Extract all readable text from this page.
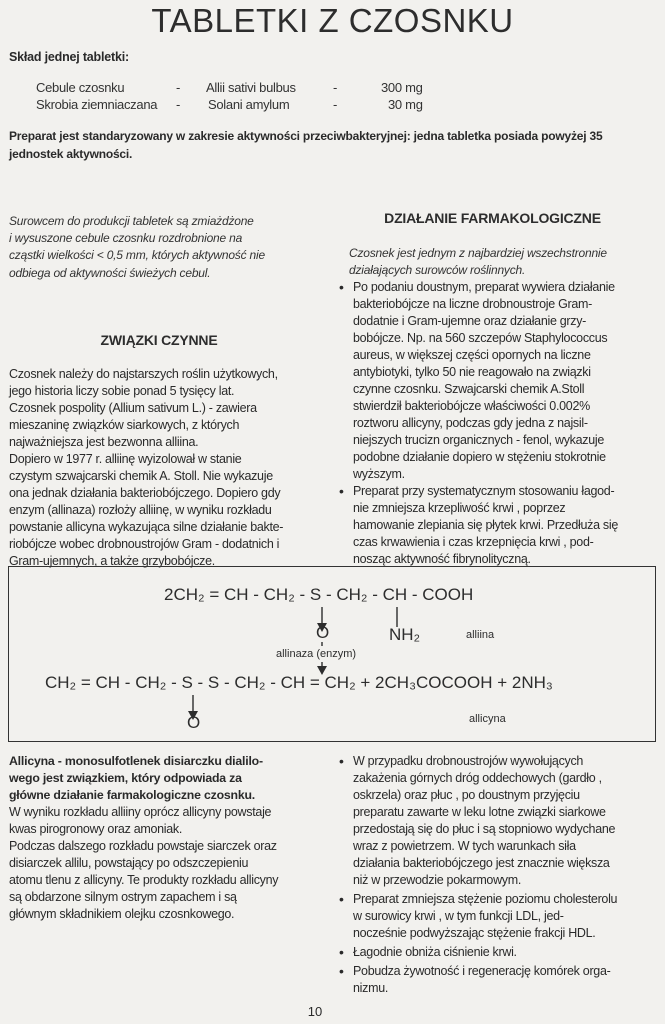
TABLETKI Z CZOSNKU
Skład jednej tabletki:
Cebule czosnku	- Allii sativi bulbus	-	300 mg
Skrobia ziemniaczana - Solani amylum	-	30 mg
Preparat jest standaryzowany w zakresie aktywności przeciwbakteryjnej: jedna tabletka posiada powyżej 35 jednostek aktywności.

Surowcem do produkcji tabletek są zmiażdżone

i wysuszone cebule czosnku rozdrobnione na

cząstki wielkości < 0,5 mm, których aktywność nie

odbiega od aktywności świeżych cebul.

ZWIĄZKI CZYNNE

Czosnek należy do najstarszych roślin użytkowych,

jego historia liczy sobie ponad 5 tysięcy lat.

Czosnek pospolity (Allium sativum L.) - zawiera

mieszaninę związków siarkowych, z których

najważniejsza jest bezwonna alliina.

Dopiero w 1977 r. alliinę wyizolował w stanie

czystym szwajcarski chemik A. Stoll. Nie wykazuje

ona jednak działania bakteriobójczego. Dopiero gdy

enzym (allinaza) rozłoży alliinę, w wyniku rozkładu

powstanie allicyna wykazująca silne działanie bakte-

riobójcze wobec drobnoustrojów Gram - dodatnich i

Gram-ujemnych, a także grzybobójcze.

DZIAŁANIE FARMAKOLOGICZNE

Czosnek jest jednym z najbardziej wszechstronnie

działających surowców roślinnych.

• Po podaniu doustnym, preparat wywiera działanie
bakteriobójcze na liczne drobnoustroje Gram-
dodatnie i Gram-ujemne oraz działanie grzy-
bobójcze. Np. na 560 szczepów Staphylococcus
aureus, w większej części opornych na liczne
antybiotyki, tylko 50 nie reagowało na związki
czynne czosnku. Szwajcarski chemik A.Stoll
stwierdził bakteriobójcze właściwości 0.002%
roztworu allicyny, podczas gdy jedna z najsil-
niejszych trucizn organicznych - fenol, wykazuje
podobne działanie dopiero w stężeniu stokrotnie
wyższym.
• Preparat przy systematycznym stosowaniu łagod-
nie zmniejsza krzepliwość krwi , poprzez
hamowanie zlepiania się płytek krwi. Przedłuża się
czas krwawienia i czas krzepnięcia krwi , pod-
nosząc aktywność fibrynolityczną.
2CH₂ = CH - CH₂ - S - CH₂ - CH - COOH
O	NH₂	alliina
allinaza (enzym)
CH₂ = CH - CH₂ - S - S - CH₂ - CH = CH₂ + 2CH₃COCOOH + 2NH₃
O	allicyna

Allicyna - monosulfotlenek disiarczku dialilo-

wego jest związkiem, który odpowiada za

główne działanie farmakologiczne czosnku.

W wyniku rozkładu alliiny oprócz allicyny powstaje

kwas pirogronowy oraz amoniak.

Podczas dalszego rozkładu powstaje siarczek oraz

disiarczek allilu, powstający po odszczepieniu

atomu tlenu z allicyny. Te produkty rozkładu allicyny

są obdarzone silnym ostrym zapachem i są

głównym składnikiem olejku czosnkowego.

• W przypadku drobnoustrojów wywołujących
zakażenia górnych dróg oddechowych (gardło ,
oskrzela) oraz płuc , po doustnym przyjęciu
preparatu zawarte w leku lotne związki siarkowe
przedostają się do płuc i są stopniowo wydychane
wraz z powietrzem. W tych warunkach siła
działania bakteriobójczego jest znacznie większa
niż w przewodzie pokarmowym.
• Preparat zmniejsza stężenie poziomu cholesterolu
w surowicy krwi , w tym funkcji LDL, jed-
nocześnie podwyższając stężenie frakcji HDL.
• Łagodnie obniża ciśnienie krwi.
• Pobudza żywotność i regenerację komórek orga-
nizmu.
10
